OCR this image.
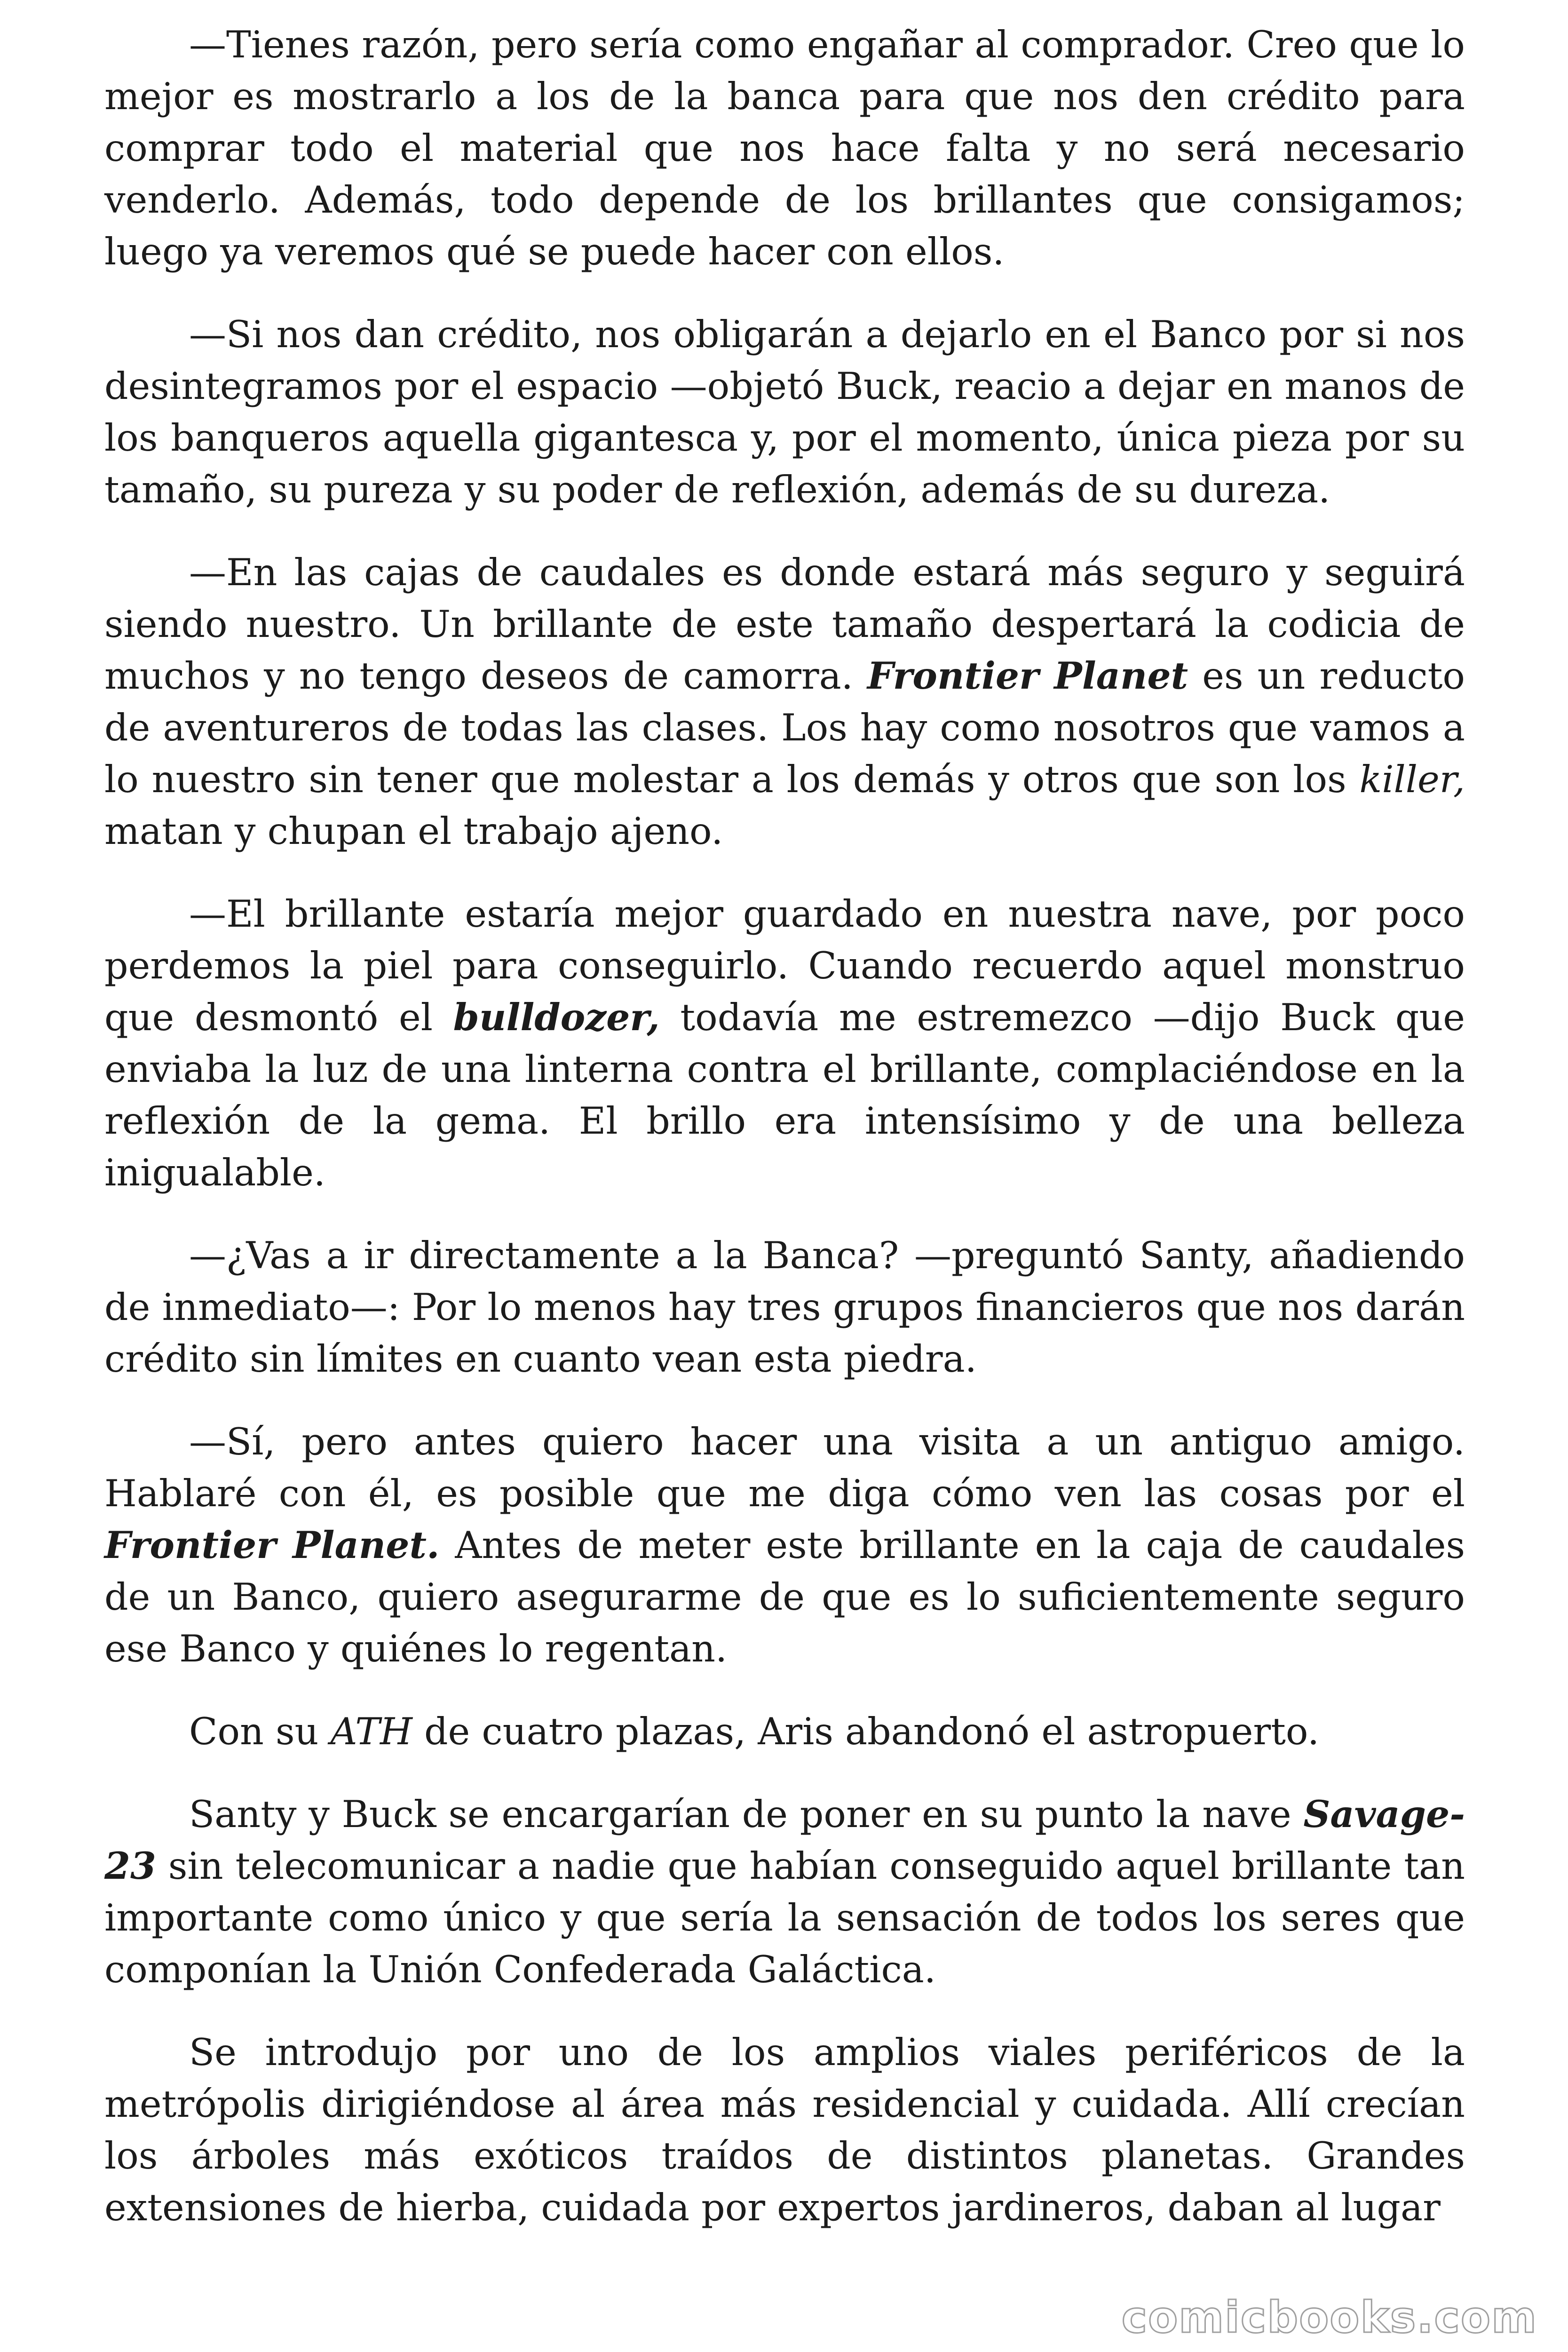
—Tienes razón, pero sería como engañar al comprador. Creo que lo mejor es mostrarlo a los de la banca para que nos den crédito para comprar todo el material que nos hace falta y no será necesario venderlo. Además, todo depende de los brillantes que consigamos; luego ya veremos qué se puede hacer con ellos.

—Si nos dan crédito, nos obligarán a dejarlo en el Banco por si nos desintegramos por el espacio —objetó Buck, reacio a dejar en manos de los banqueros aquella gigantesca y, por el momento, única pieza por su tamaño, su pureza y su poder de reflexión, además de su dureza.

—En las cajas de caudales es donde estará más seguro y seguirá siendo nuestro. Un brillante de este tamaño despertará la codicia de muchos y no tengo deseos de camorra. Frontier Planet es un reducto de aventureros de todas las clases. Los hay como nosotros que vamos a lo nuestro sin tener que molestar a los demás y otros que son los killer, matan y chupan el trabajo ajeno.

—El brillante estaría mejor guardado en nuestra nave, por poco perdemos la piel para conseguirlo. Cuando recuerdo aquel monstruo que desmontó el bulldozer, todavía me estremezco —dijo Buck que enviaba la luz de una linterna contra el brillante, complaciéndose en la reflexión de la gema. El brillo era intensísimo y de una belleza inigualable.

—¿Vas a ir directamente a la Banca? —preguntó Santy, añadiendo de inmediato—: Por lo menos hay tres grupos financieros que nos darán crédito sin límites en cuanto vean esta piedra.

—Sí, pero antes quiero hacer una visita a un antiguo amigo. Hablaré con él, es posible que me diga cómo ven las cosas por el Frontier Planet. Antes de meter este brillante en la caja de caudales de un Banco, quiero asegurarme de que es lo suficientemente seguro ese Banco y quiénes lo regentan.

Con su ATH de cuatro plazas, Aris abandonó el astropuerto.

Santy y Buck se encargarían de poner en su punto la nave Savage-23 sin telecomunicar a nadie que habían conseguido aquel brillante tan importante como único y que sería la sensación de todos los seres que componían la Unión Confederada Galáctica.

Se introdujo por uno de los amplios viales periféricos de la metrópolis dirigiéndose al área más residencial y cuidada. Allí crecían los árboles más exóticos traídos de distintos planetas. Grandes extensiones de hierba, cuidada por expertos jardineros, daban al lugar

comicbooks.com
